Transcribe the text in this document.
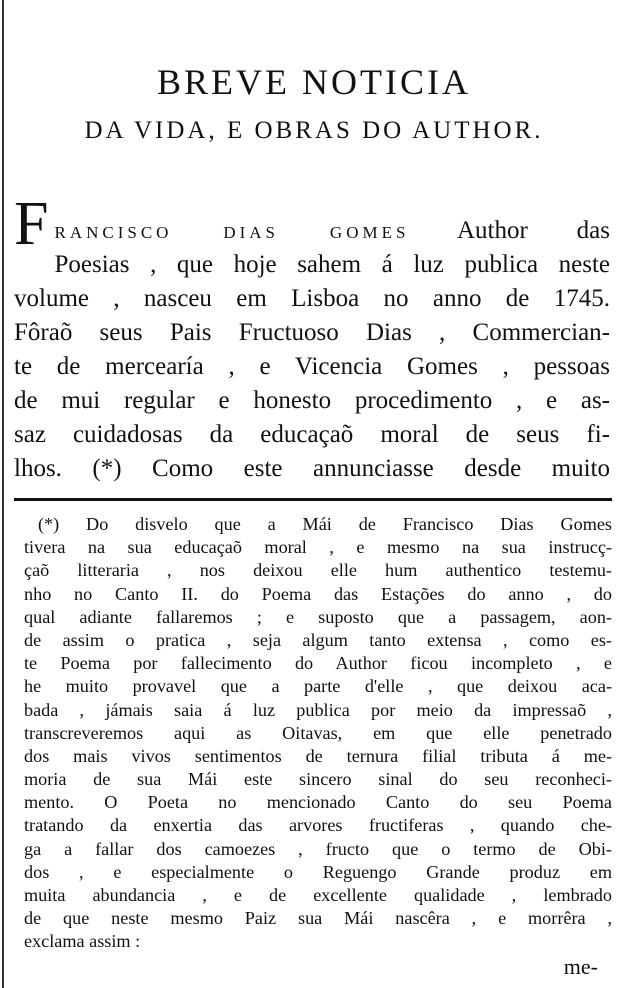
BREVE NOTICIA
DA VIDA, E OBRAS DO AUTHOR.
F RANCISCO DIAS GOMES Author das
Poesias , que hoje sahem á luz publica neste
volume , nasceu em Lisboa no anno de 1745.
Fôraõ seus Pais Fructuoso Dias , Commercian-
te de mercearía , e Vicencia Gomes , pessoas
de mui regular e honesto procedimento , e as-
saz cuidadosas da educaçaõ moral de seus fi-
lhos. (*) Como este annunciasse desde muito
(*) Do disvelo que a Mái de Francisco Dias Gomes
tivera na sua educaçaõ moral , e mesmo na sua instrucç-
çaõ litteraria , nos deixou elle hum authentico testemu-
nho no Canto II. do Poema das Estações do anno , do
qual adiante fallaremos ; e suposto que a passagem, aon-
de assim o pratica , seja algum tanto extensa , como es-
te Poema por fallecimento do Author ficou incompleto , e
he muito provavel que a parte d'elle , que deixou aca-
bada , jámais saia á luz publica por meio da impressaõ ,
transcreveremos aqui as Oitavas, em que elle penetrado
dos mais vivos sentimentos de ternura filial tributa á me-
moria de sua Mái este sincero sinal do seu reconheci-
mento. O Poeta no mencionado Canto do seu Poema
tratando da enxertia das arvores fructiferas , quando che-
ga a fallar dos camoezes , fructo que o termo de Obi-
dos , e especialmente o Reguengo Grande produz em
muita abundancia , e de excellente qualidade , lembrado
de que neste mesmo Paiz sua Mái nascêra , e morrêra ,
exclama assim :
me-
